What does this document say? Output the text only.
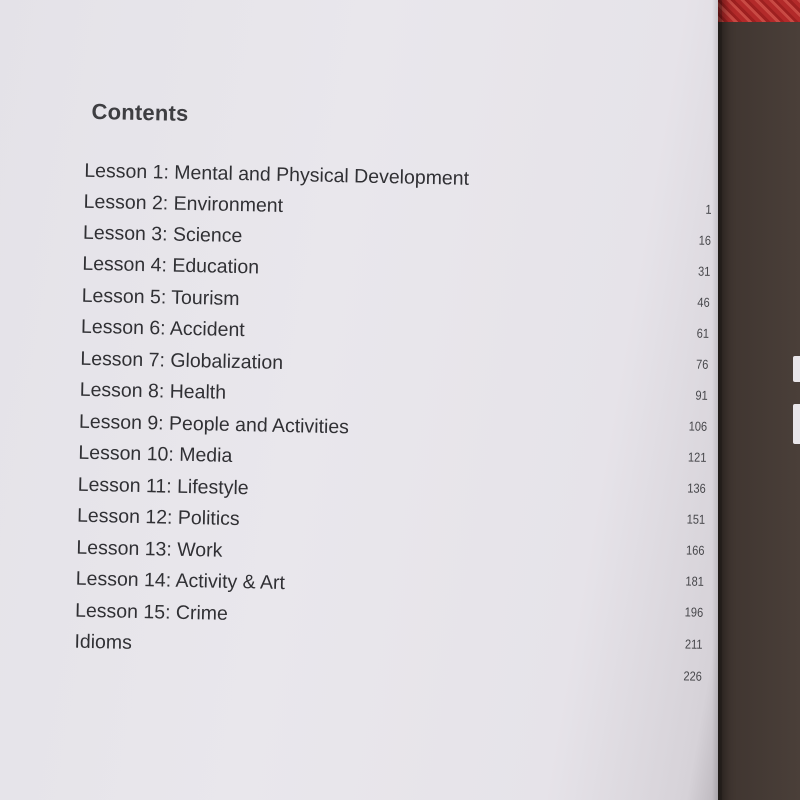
Contents
Lesson 1: Mental and Physical Development
Lesson 2: Environment
Lesson 3: Science
Lesson 4: Education
Lesson 5: Tourism
Lesson 6: Accident
Lesson 7: Globalization
Lesson 8: Health
Lesson 9: People and Activities
Lesson 10: Media
Lesson 11: Lifestyle
Lesson 12: Politics
Lesson 13: Work
Lesson 14: Activity & Art
Lesson 15: Crime
Idioms
1
16
31
46
61
76
91
106
121
136
151
166
181
196
211
226
